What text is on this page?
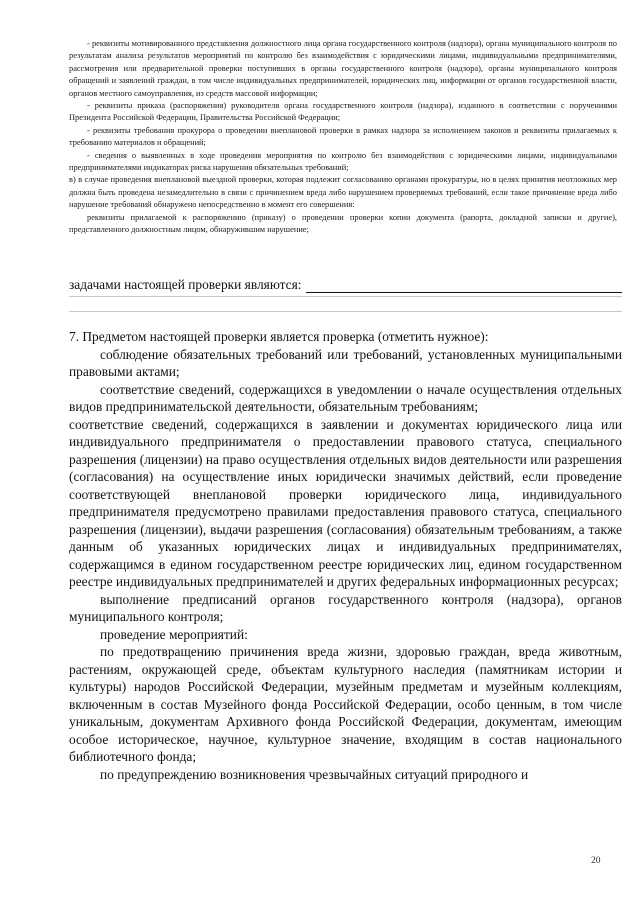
- реквизиты мотивированного представления должностного лица органа государственного контроля (надзора), органа муниципального контроля по результатам анализа результатов мероприятий по контролю без взаимодействия с юридическими лицами, индивидуальными предпринимателями, рассмотрения или предварительной проверки поступивших в органы государственного контроля (надзора), органы муниципального контроля обращений и заявлений граждан, в том числе индивидуальных предпринимателей, юридических лиц, информации от органов государственной власти, органов местного самоуправления, из средств массовой информации;

- реквизиты приказа (распоряжения) руководителя органа государственного контроля (надзора), изданного в соответствии с поручениями Президента Российской Федерации, Правительства Российской Федерации;

- реквизиты требования прокурора о проведении внеплановой проверки в рамках надзора за исполнением законов и реквизиты прилагаемых к требованию материалов и обращений;

- сведения о выявленных в ходе проведения мероприятия по контролю без взаимодействия с юридическими лицами, индивидуальными предпринимателями индикаторах риска нарушения обязательных требований;

в) в случае проведения внеплановой выездной проверки, которая подлежит согласованию органами прокуратуры, но в целях принятия неотложных мер должна быть проведена незамедлительно в связи с причинением вреда либо нарушением проверяемых требований, если такое причинение вреда либо нарушение требований обнаружено непосредственно в момент его совершения:

реквизиты прилагаемой к распоряжению (приказу) о проведении проверки копии документа (рапорта, докладной записки и другие), представленного должностным лицом, обнаружившим нарушение;

задачами настоящей проверки являются:

7. Предметом настоящей проверки является проверка (отметить нужное):

соблюдение обязательных требований или требований, установленных муниципальными правовыми актами;

соответствие сведений, содержащихся в уведомлении о начале осуществления отдельных видов предпринимательской деятельности, обязательным требованиям;

соответствие сведений, содержащихся в заявлении и документах юридического лица или индивидуального предпринимателя о предоставлении правового статуса, специального разрешения (лицензии) на право осуществления отдельных видов деятельности или разрешения (согласования) на осуществление иных юридически значимых действий, если проведение соответствующей внеплановой проверки юридического лица, индивидуального предпринимателя предусмотрено правилами предоставления правового статуса, специального разрешения (лицензии), выдачи разрешения (согласования) обязательным требованиям, а также данным об указанных юридических лицах и индивидуальных предпринимателях, содержащимся в едином государственном реестре юридических лиц, едином государственном реестре индивидуальных предпринимателей и других федеральных информационных ресурсах;

выполнение предписаний органов государственного контроля (надзора), органов муниципального контроля;

проведение мероприятий:

по предотвращению причинения вреда жизни, здоровью граждан, вреда животным, растениям, окружающей среде, объектам культурного наследия (памятникам истории и культуры) народов Российской Федерации, музейным предметам и музейным коллекциям, включенным в состав Музейного фонда Российской Федерации, особо ценным, в том числе уникальным, документам Архивного фонда Российской Федерации, документам, имеющим особое историческое, научное, культурное значение, входящим в состав национального библиотечного фонда;

по предупреждению возникновения чрезвычайных ситуаций природного и

20
